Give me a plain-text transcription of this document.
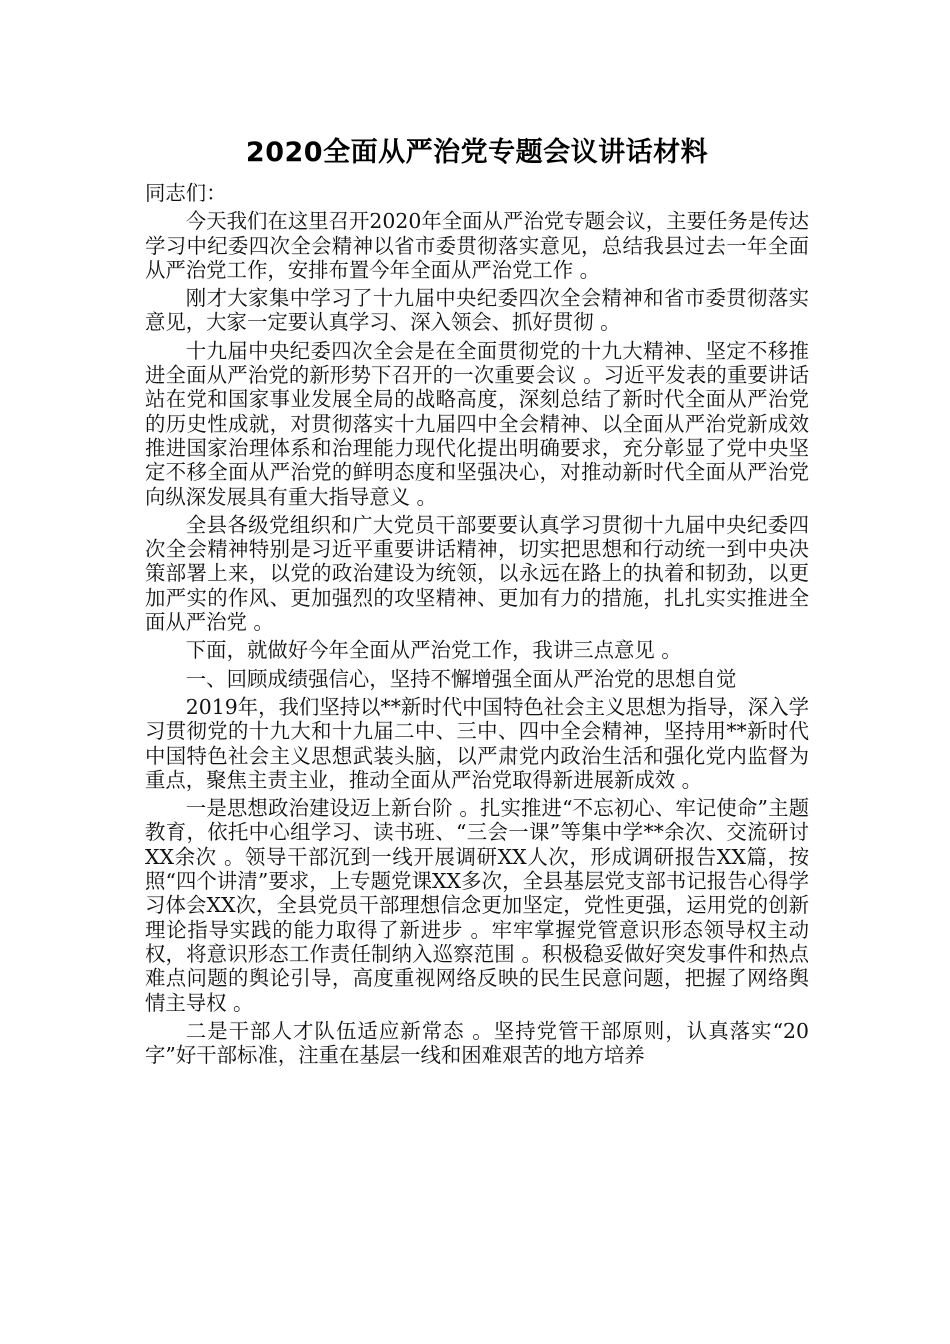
2020全面从严治党专题会议讲话材料

同志们：

今天我们在这里召开2020年全面从严治党专题会议，主要任务是传达学习中纪委四次全会精神以省市委贯彻落实意见，总结我县过去一年全面从严治党工作，安排布置今年全面从严治党工作 。

刚才大家集中学习了十九届中央纪委四次全会精神和省市委贯彻落实意见，大家一定要认真学习、深入领会、抓好贯彻 。

十九届中央纪委四次全会是在全面贯彻党的十九大精神、坚定不移推进全面从严治党的新形势下召开的一次重要会议 。习近平发表的重要讲话站在党和国家事业发展全局的战略高度，深刻总结了新时代全面从严治党的历史性成就，对贯彻落实十九届四中全会精神、以全面从严治党新成效推进国家治理体系和治理能力现代化提出明确要求，充分彰显了党中央坚定不移全面从严治党的鲜明态度和坚强决心，对推动新时代全面从严治党向纵深发展具有重大指导意义 。

全县各级党组织和广大党员干部要要认真学习贯彻十九届中央纪委四次全会精神特别是习近平重要讲话精神，切实把思想和行动统一到中央决策部署上来，以党的政治建设为统领，以永远在路上的执着和韧劲，以更加严实的作风、更加强烈的攻坚精神、更加有力的措施，扎扎实实推进全面从严治党 。

下面，就做好今年全面从严治党工作，我讲三点意见 。

一、回顾成绩强信心，坚持不懈增强全面从严治党的思想自觉

2019年，我们坚持以**新时代中国特色社会主义思想为指导，深入学习贯彻党的十九大和十九届二中、三中、四中全会精神，坚持用**新时代中国特色社会主义思想武装头脑，以严肃党内政治生活和强化党内监督为重点，聚焦主责主业，推动全面从严治党取得新进展新成效 。

一是思想政治建设迈上新台阶 。扎实推进“不忘初心、牢记使命”主题教育，依托中心组学习、读书班、“三会一课”等集中学**余次、交流研讨XX余次 。领导干部沉到一线开展调研XX人次，形成调研报告XX篇，按照“四个讲清”要求，上专题党课XX多次，全县基层党支部书记报告心得学习体会XX次，全县党员干部理想信念更加坚定，党性更强，运用党的创新理论指导实践的能力取得了新进步 。牢牢掌握党管意识形态领导权主动权，将意识形态工作责任制纳入巡察范围 。积极稳妥做好突发事件和热点难点问题的舆论引导，高度重视网络反映的民生民意问题，把握了网络舆情主导权 。

二是干部人才队伍适应新常态 。坚持党管干部原则，认真落实“20字”好干部标准，注重在基层一线和困难艰苦的地方培养
